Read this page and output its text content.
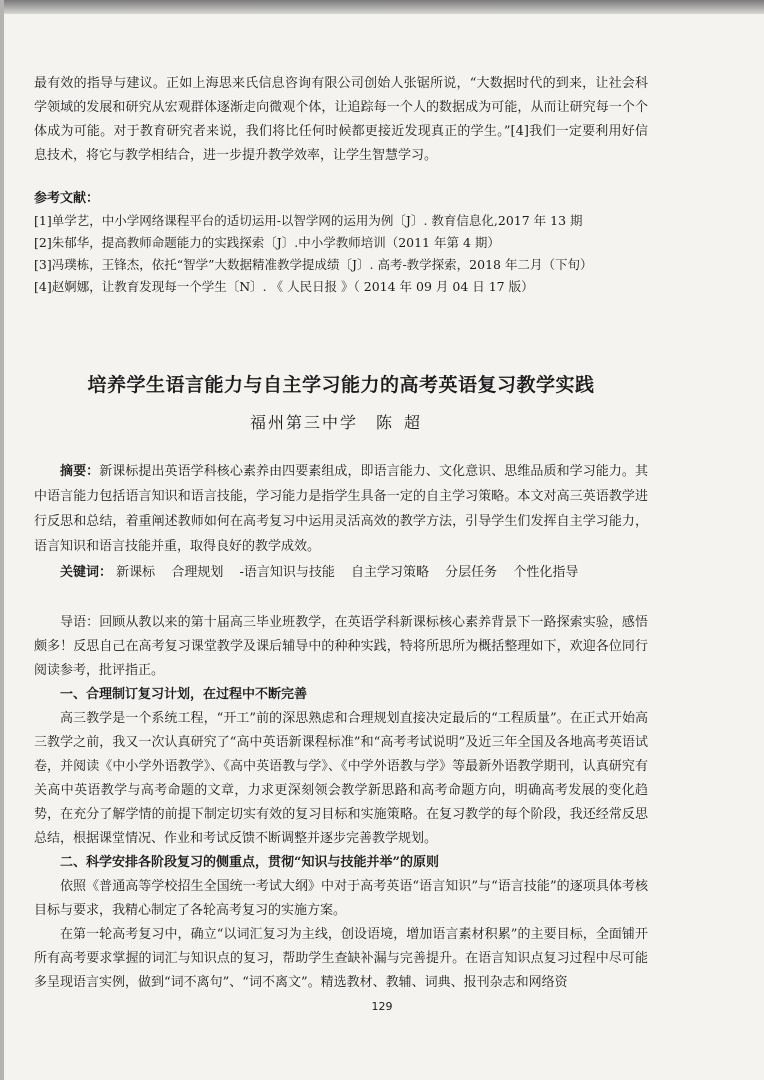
最有效的指导与建议。正如上海思来氏信息咨询有限公司创始人张锯所说，“大数据时代的到来，让社会科学领域的发展和研究从宏观群体逐渐走向微观个体，让追踪每一个人的数据成为可能，从而让研究每一个个体成为可能。对于教育研究者来说，我们将比任何时候都更接近发现真正的学生。”[4]我们一定要利用好信息技术，将它与教学相结合，进一步提升教学效率，让学生智慧学习。

参考文献：
[1]单学艺，中小学网络课程平台的适切运用-以智学网的运用为例〔J〕. 教育信息化,2017 年 13 期
[2]朱郁华，提高教师命题能力的实践探索〔J〕.中小学教师培训（2011 年第 4 期）
[3]冯璞栋，王锋杰，依托“智学”大数据精准教学提成绩〔J〕. 高考-教学探索，2018 年二月（下旬）
[4]赵婀娜，让教育发现每一个学生〔N〕. 《 人民日报 》（ 2014 年 09 月 04 日 17 版）
培养学生语言能力与自主学习能力的高考英语复习教学实践
福州第三中学 陈超

摘要：新课标提出英语学科核心素养由四要素组成，即语言能力、文化意识、思维品质和学习能力。其中语言能力包括语言知识和语言技能，学习能力是指学生具备一定的自主学习策略。本文对高三英语教学进行反思和总结，着重阐述教师如何在高考复习中运用灵活高效的教学方法，引导学生们发挥自主学习能力，语言知识和语言技能并重，取得良好的教学成效。

关键词： 新课标 合理规划 -语言知识与技能 自主学习策略 分层任务 个性化指导

导语：回顾从教以来的第十届高三毕业班教学，在英语学科新课标核心素养背景下一路探索实验，感悟颇多！反思自己在高考复习课堂教学及课后辅导中的种种实践，特将所思所为概括整理如下，欢迎各位同行阅读参考，批评指正。

一、合理制订复习计划，在过程中不断完善

高三教学是一个系统工程，“开工”前的深思熟虑和合理规划直接决定最后的“工程质量”。在正式开始高三教学之前，我又一次认真研究了“高中英语新课程标准”和“高考考试说明”及近三年全国及各地高考英语试卷，并阅读《中小学外语教学》、《高中英语教与学》、《中学外语教与学》等最新外语教学期刊，认真研究有关高中英语教学与高考命题的文章，力求更深刻领会教学新思路和高考命题方向，明确高考发展的变化趋势，在充分了解学情的前提下制定切实有效的复习目标和实施策略。在复习教学的每个阶段，我还经常反思总结，根据课堂情况、作业和考试反馈不断调整并逐步完善教学规划。

二、科学安排各阶段复习的侧重点，贯彻“知识与技能并举”的原则

依照《普通高等学校招生全国统一考试大纲》中对于高考英语“语言知识”与“语言技能”的逐项具体考核目标与要求，我精心制定了各轮高考复习的实施方案。

在第一轮高考复习中，确立“以词汇复习为主线，创设语境，增加语言素材积累”的主要目标，全面铺开所有高考要求掌握的词汇与知识点的复习，帮助学生查缺补漏与完善提升。在语言知识点复习过程中尽可能多呈现语言实例，做到“词不离句”、“词不离文”。精选教材、教辅、词典、报刊杂志和网络资

129
